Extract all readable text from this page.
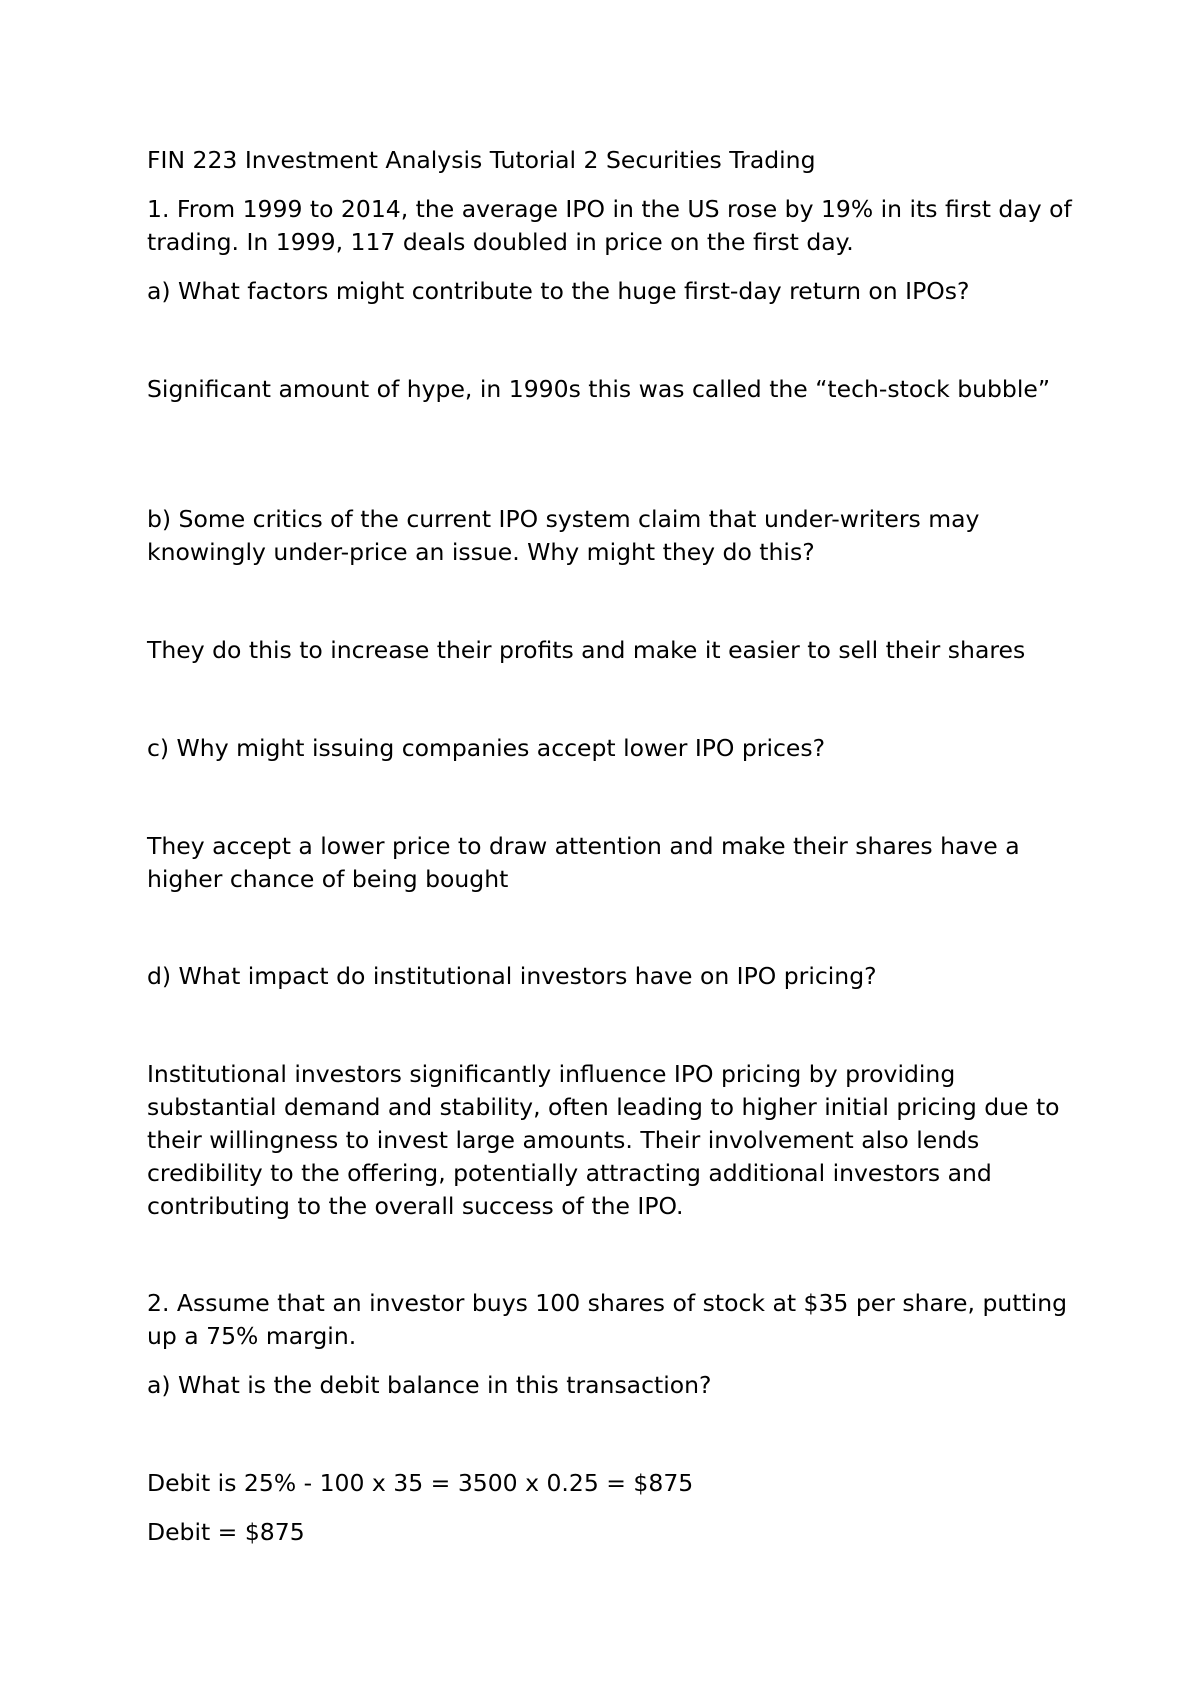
FIN 223 Investment Analysis Tutorial 2 Securities Trading

1. From 1999 to 2014, the average IPO in the US rose by 19% in its first day of trading. In 1999, 117 deals doubled in price on the first day.

a) What factors might contribute to the huge first-day return on IPOs?

Significant amount of hype, in 1990s this was called the “tech-stock bubble”

b) Some critics of the current IPO system claim that under-writers may knowingly under-price an issue. Why might they do this?

They do this to increase their profits and make it easier to sell their shares

c) Why might issuing companies accept lower IPO prices?

They accept a lower price to draw attention and make their shares have a higher chance of being bought

d) What impact do institutional investors have on IPO pricing?

Institutional investors significantly influence IPO pricing by providing substantial demand and stability, often leading to higher initial pricing due to their willingness to invest large amounts. Their involvement also lends credibility to the offering, potentially attracting additional investors and contributing to the overall success of the IPO.

2. Assume that an investor buys 100 shares of stock at $35 per share, putting up a 75% margin.

a) What is the debit balance in this transaction?

Debit is 25% - 100 x 35 = 3500 x 0.25 = $875

Debit = $875
